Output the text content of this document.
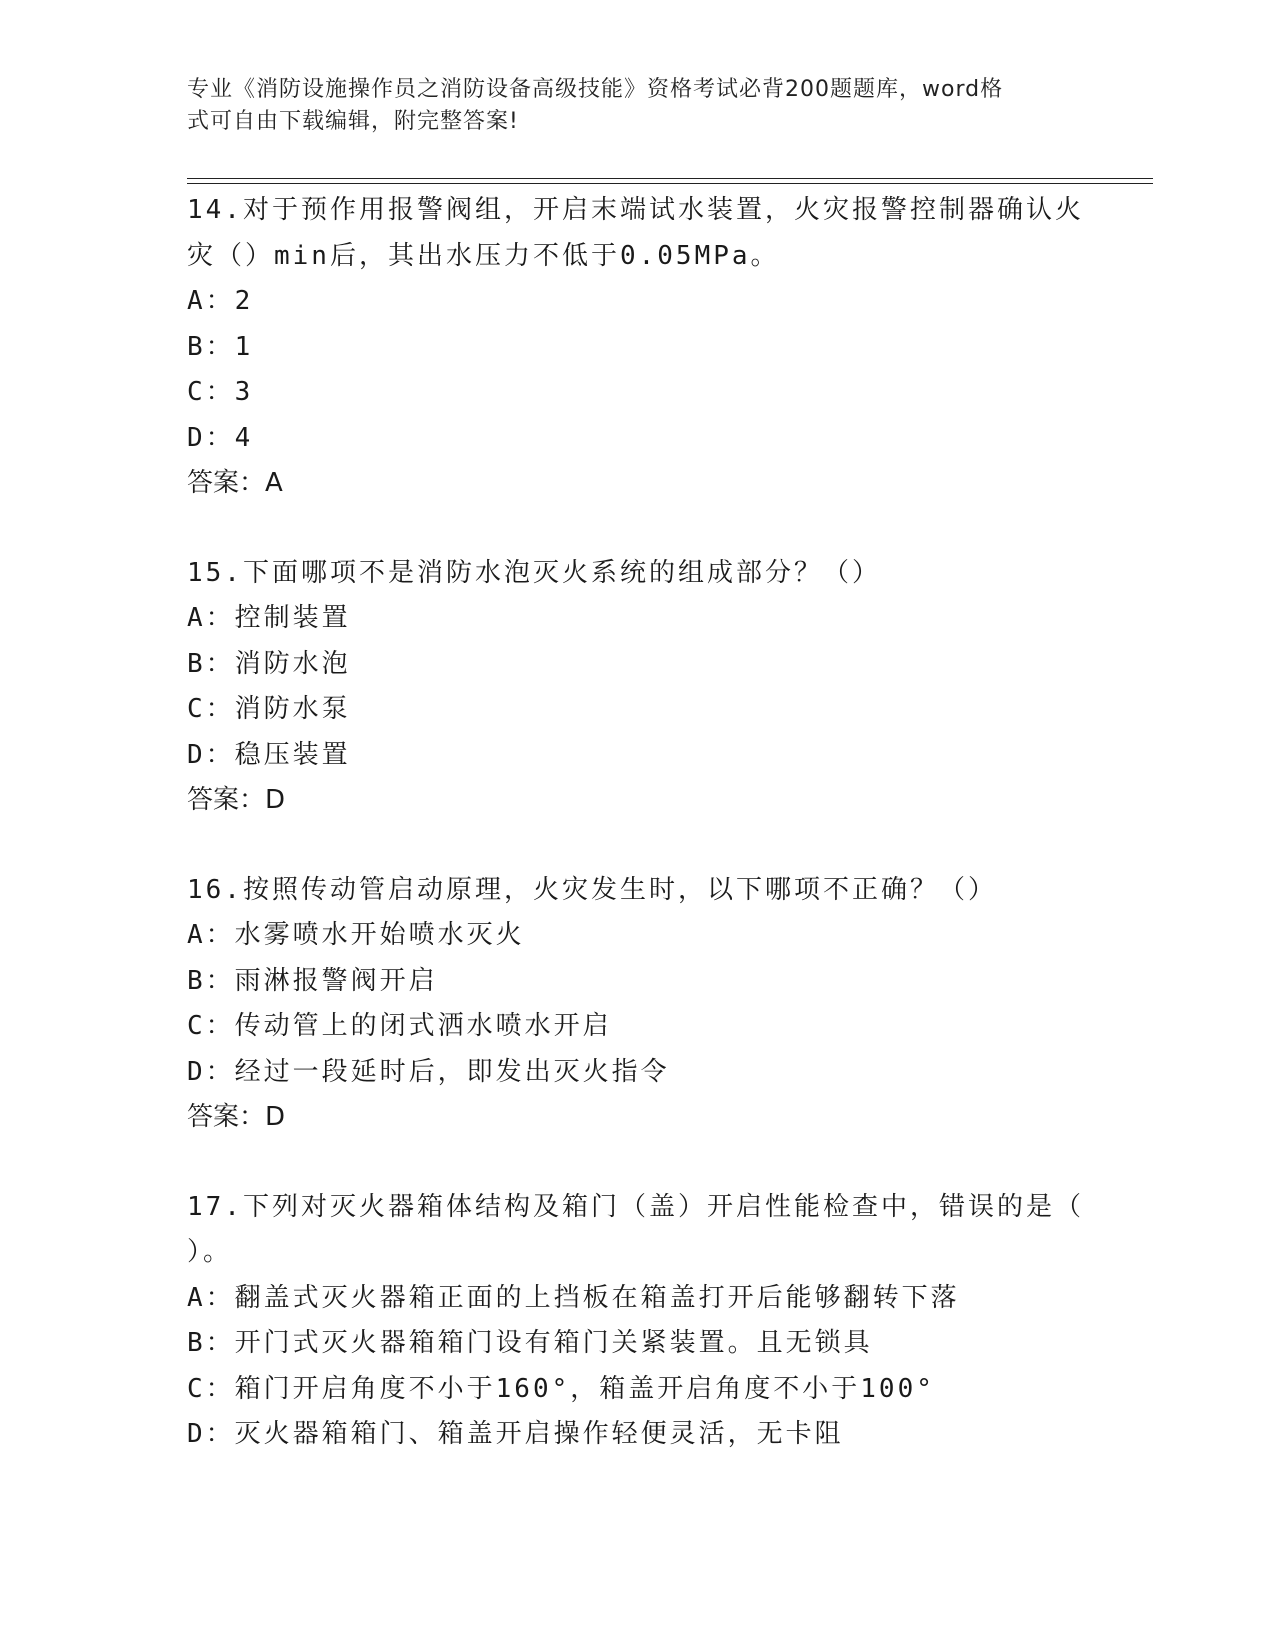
专业《消防设施操作员之消防设备高级技能》资格考试必背200题题库，word格
式可自由下载编辑，附完整答案!

14.对于预作用报警阀组，开启末端试水装置，火灾报警控制器确认火

灾（）min后，其出水压力不低于0.05MPa。

A：2

B：1

C：3

D：4

答案：A

15.下面哪项不是消防水泡灭火系统的组成部分？（）

A：控制装置

B：消防水泡

C：消防水泵

D：稳压装置

答案：D

16.按照传动管启动原理，火灾发生时，以下哪项不正确？（）

A：水雾喷水开始喷水灭火

B：雨淋报警阀开启

C：传动管上的闭式洒水喷水开启

D：经过一段延时后，即发出灭火指令

答案：D

17.下列对灭火器箱体结构及箱门（盖）开启性能检查中，错误的是（

）。

A：翻盖式灭火器箱正面的上挡板在箱盖打开后能够翻转下落

B：开门式灭火器箱箱门设有箱门关紧装置。且无锁具

C：箱门开启角度不小于160°，箱盖开启角度不小于100°

D：灭火器箱箱门、箱盖开启操作轻便灵活，无卡阻
